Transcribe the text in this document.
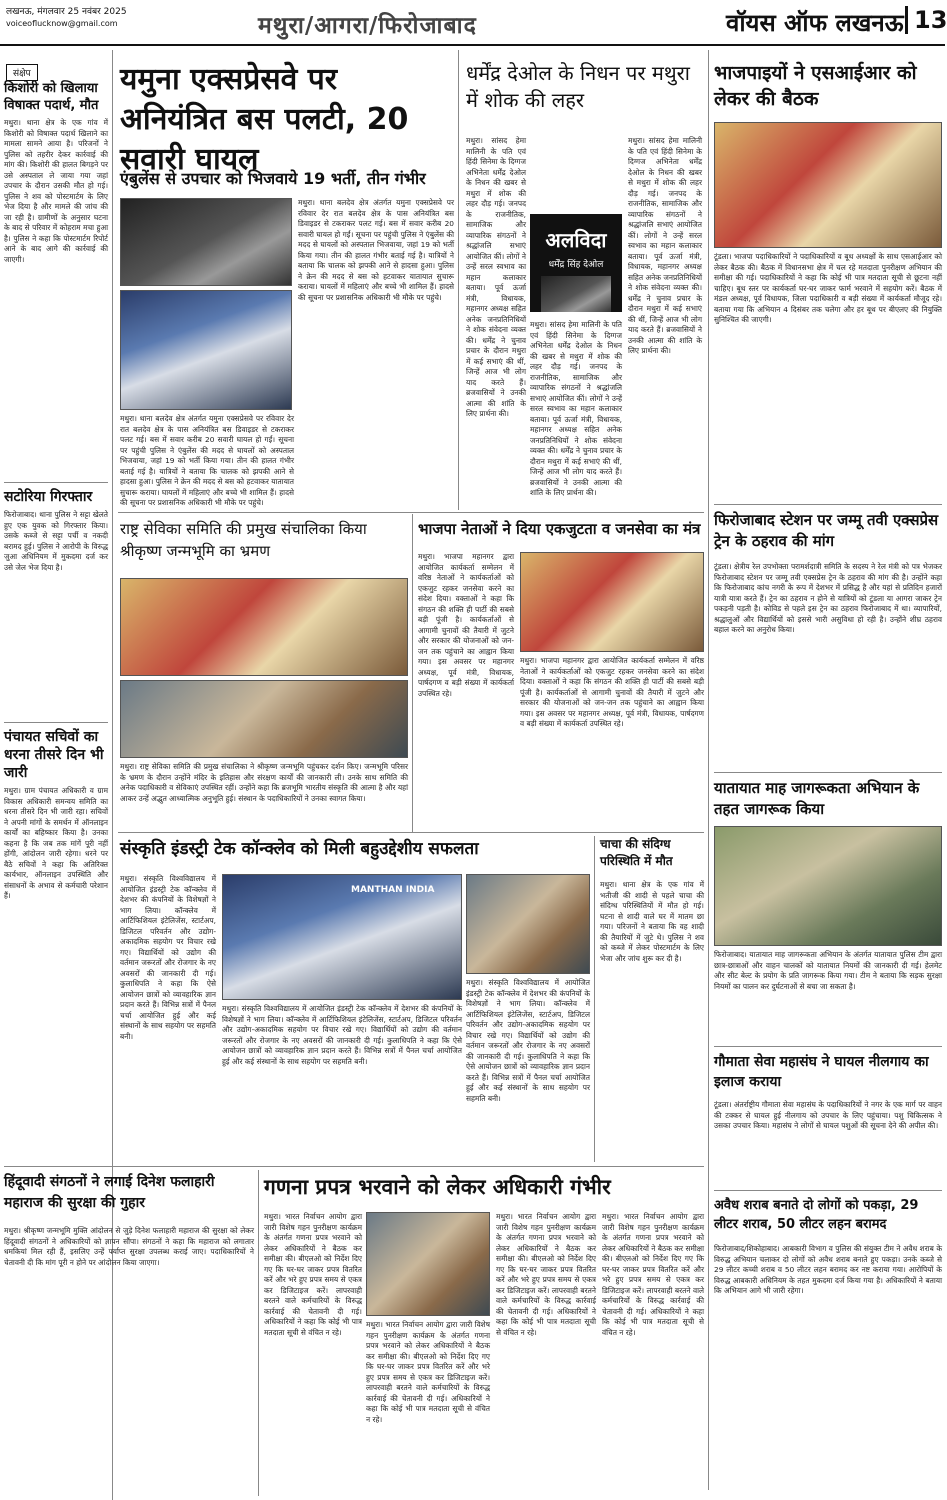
लखनऊ, मंगलवार 25 नवंबर 2025
voiceoflucknow@gmail.com	मथुरा/आगरा/फिरोजाबाद	वॉयस ऑफ लखनऊ 13
संक्षेप
किशोरी को खिलाया विषाक्त पदार्थ, मौत
मथुरा। थाना क्षेत्र के एक गांव में किशोरी को विषाक्त पदार्थ खिलाने का मामला सामने आया है। परिजनों ने पुलिस को तहरीर देकर कार्रवाई की मांग की। किशोरी की हालत बिगड़ने पर उसे अस्पताल ले जाया गया जहां उपचार के दौरान उसकी मौत हो गई। पुलिस ने शव को पोस्टमार्टम के लिए भेज दिया है और मामले की जांच की जा रही है। ग्रामीणों के अनुसार घटना के बाद से परिवार में कोहराम मचा हुआ है। पुलिस ने कहा कि पोस्टमार्टम रिपोर्ट आने के बाद आगे की कार्रवाई की जाएगी।
सटोरिया गिरफ्तार
फिरोजाबाद। थाना पुलिस ने सट्टा खेलते हुए एक युवक को गिरफ्तार किया। उसके कब्जे से सट्टा पर्ची व नकदी बरामद हुई। पुलिस ने आरोपी के विरुद्ध जुआ अधिनियम में मुकदमा दर्ज कर उसे जेल भेज दिया है।
पंचायत सचिवों का धरना तीसरे दिन भी जारी
मथुरा। ग्राम पंचायत अधिकारी व ग्राम विकास अधिकारी समन्वय समिति का धरना तीसरे दिन भी जारी रहा। सचिवों ने अपनी मांगों के समर्थन में ऑनलाइन कार्यों का बहिष्कार किया है। उनका कहना है कि जब तक मांगें पूरी नहीं होंगी, आंदोलन जारी रहेगा। धरने पर बैठे सचिवों ने कहा कि अतिरिक्त कार्यभार, ऑनलाइन उपस्थिति और संसाधनों के अभाव से कर्मचारी परेशान हैं।
यमुना एक्सप्रेसवे पर अनियंत्रित बस पलटी, 20 सवारी घायल
एंबुलेंस से उपचार को भिजवाये 19 भर्ती, तीन गंभीर
मथुरा। थाना बलदेव क्षेत्र अंतर्गत यमुना एक्सप्रेसवे पर रविवार देर रात बलदेव क्षेत्र के पास अनियंत्रित बस डिवाइडर से टकराकर पलट गई। बस में सवार करीब 20 सवारी घायल हो गईं। सूचना पर पहुंची पुलिस ने एंबुलेंस की मदद से घायलों को अस्पताल भिजवाया, जहां 19 को भर्ती किया गया। तीन की हालत गंभीर बताई गई है। यात्रियों ने बताया कि चालक को झपकी आने से हादसा हुआ। पुलिस ने क्रेन की मदद से बस को हटवाकर यातायात सुचारू कराया। घायलों में महिलाएं और बच्चे भी शामिल हैं। हादसे की सूचना पर प्रशासनिक अधिकारी भी मौके पर पहुंचे।
मथुरा। थाना बलदेव क्षेत्र अंतर्गत यमुना एक्सप्रेसवे पर रविवार देर रात बलदेव क्षेत्र के पास अनियंत्रित बस डिवाइडर से टकराकर पलट गई। बस में सवार करीब 20 सवारी घायल हो गईं। सूचना पर पहुंची पुलिस ने एंबुलेंस की मदद से घायलों को अस्पताल भिजवाया, जहां 19 को भर्ती किया गया। तीन की हालत गंभीर बताई गई है। यात्रियों ने बताया कि चालक को झपकी आने से हादसा हुआ। पुलिस ने क्रेन की मदद से बस को हटवाकर यातायात सुचारू कराया। घायलों में महिलाएं और बच्चे भी शामिल हैं। हादसे की सूचना पर प्रशासनिक अधिकारी भी मौके पर पहुंचे।
धर्मेंद्र देओल के निधन पर मथुरा में शोक की लहर
अलविदा
धर्मेंद्र सिंह देओल
मथुरा। सांसद हेमा मालिनी के पति एवं हिंदी सिनेमा के दिग्गज अभिनेता धर्मेंद्र देओल के निधन की खबर से मथुरा में शोक की लहर दौड़ गई। जनपद के राजनीतिक, सामाजिक और व्यापारिक संगठनों ने श्रद्धांजलि सभाएं आयोजित कीं। लोगों ने उन्हें सरल स्वभाव का महान कलाकार बताया। पूर्व ऊर्जा मंत्री, विधायक, महानगर अध्यक्ष सहित अनेक जनप्रतिनिधियों ने शोक संवेदना व्यक्त की। धर्मेंद्र ने चुनाव प्रचार के दौरान मथुरा में कई सभाएं की थीं, जिन्हें आज भी लोग याद करते हैं। ब्रजवासियों ने उनकी आत्मा की शांति के लिए प्रार्थना की।
मथुरा। सांसद हेमा मालिनी के पति एवं हिंदी सिनेमा के दिग्गज अभिनेता धर्मेंद्र देओल के निधन की खबर से मथुरा में शोक की लहर दौड़ गई। जनपद के राजनीतिक, सामाजिक और व्यापारिक संगठनों ने श्रद्धांजलि सभाएं आयोजित कीं। लोगों ने उन्हें सरल स्वभाव का महान कलाकार बताया। पूर्व ऊर्जा मंत्री, विधायक, महानगर अध्यक्ष सहित अनेक जनप्रतिनिधियों ने शोक संवेदना व्यक्त की। धर्मेंद्र ने चुनाव प्रचार के दौरान मथुरा में कई सभाएं की थीं, जिन्हें आज भी लोग याद करते हैं। ब्रजवासियों ने उनकी आत्मा की शांति के लिए प्रार्थना की।
मथुरा। सांसद हेमा मालिनी के पति एवं हिंदी सिनेमा के दिग्गज अभिनेता धर्मेंद्र देओल के निधन की खबर से मथुरा में शोक की लहर दौड़ गई। जनपद के राजनीतिक, सामाजिक और व्यापारिक संगठनों ने श्रद्धांजलि सभाएं आयोजित कीं। लोगों ने उन्हें सरल स्वभाव का महान कलाकार बताया। पूर्व ऊर्जा मंत्री, विधायक, महानगर अध्यक्ष सहित अनेक जनप्रतिनिधियों ने शोक संवेदना व्यक्त की। धर्मेंद्र ने चुनाव प्रचार के दौरान मथुरा में कई सभाएं की थीं, जिन्हें आज भी लोग याद करते हैं। ब्रजवासियों ने उनकी आत्मा की शांति के लिए प्रार्थना की।
भाजपाइयों ने एसआईआर को लेकर की बैठक
टूंडला। भाजपा पदाधिकारियों ने पदाधिकारियों व बूथ अध्यक्षों के साथ एसआईआर को लेकर बैठक की। बैठक में विधानसभा क्षेत्र में चल रहे मतदाता पुनरीक्षण अभियान की समीक्षा की गई। पदाधिकारियों ने कहा कि कोई भी पात्र मतदाता सूची से छूटना नहीं चाहिए। बूथ स्तर पर कार्यकर्ता घर-घर जाकर फार्म भरवाने में सहयोग करें। बैठक में मंडल अध्यक्ष, पूर्व विधायक, जिला पदाधिकारी व बड़ी संख्या में कार्यकर्ता मौजूद रहे। बताया गया कि अभियान 4 दिसंबर तक चलेगा और हर बूथ पर बीएलए की नियुक्ति सुनिश्चित की जाएगी।
फिरोजाबाद स्टेशन पर जम्मू तवी एक्सप्रेस ट्रेन के ठहराव की मांग
टूंडला। क्षेत्रीय रेल उपभोक्ता परामर्शदात्री समिति के सदस्य ने रेल मंत्री को पत्र भेजकर फिरोजाबाद स्टेशन पर जम्मू तवी एक्सप्रेस ट्रेन के ठहराव की मांग की है। उन्होंने कहा कि फिरोजाबाद कांच नगरी के रूप में देशभर में प्रसिद्ध है और यहां से प्रतिदिन हजारों यात्री यात्रा करते हैं। ट्रेन का ठहराव न होने से यात्रियों को टूंडला या आगरा जाकर ट्रेन पकड़नी पड़ती है। कोविड से पहले इस ट्रेन का ठहराव फिरोजाबाद में था। व्यापारियों, श्रद्धालुओं और विद्यार्थियों को इससे भारी असुविधा हो रही है। उन्होंने शीघ्र ठहराव बहाल करने का अनुरोध किया।
यातायात माह जागरूकता अभियान के तहत जागरूक किया
फिरोजाबाद। यातायात माह जागरूकता अभियान के अंतर्गत यातायात पुलिस टीम द्वारा छात्र-छात्राओं और वाहन चालकों को यातायात नियमों की जानकारी दी गई। हेलमेट और सीट बेल्ट के प्रयोग के प्रति जागरूक किया गया। टीम ने बताया कि सड़क सुरक्षा नियमों का पालन कर दुर्घटनाओं से बचा जा सकता है।
गौमाता सेवा महासंघ ने घायल नीलगाय का इलाज कराया
टूंडला। अंतर्राष्ट्रीय गौमाता सेवा महासंघ के पदाधिकारियों ने नगर के एक मार्ग पर वाहन की टक्कर से घायल हुई नीलगाय को उपचार के लिए पहुंचाया। पशु चिकित्सक ने उसका उपचार किया। महासंघ ने लोगों से घायल पशुओं की सूचना देने की अपील की।
अवैध शराब बनाते दो लोगों को पकड़ा, 29 लीटर शराब, 50 लीटर लहन बरामद
फिरोजाबाद/शिकोहाबाद। आबकारी विभाग व पुलिस की संयुक्त टीम ने अवैध शराब के विरुद्ध अभियान चलाकर दो लोगों को अवैध शराब बनाते हुए पकड़ा। उनके कब्जे से 29 लीटर कच्ची शराब व 50 लीटर लहन बरामद कर नष्ट कराया गया। आरोपियों के विरुद्ध आबकारी अधिनियम के तहत मुकदमा दर्ज किया गया है। अधिकारियों ने बताया कि अभियान आगे भी जारी रहेगा।
राष्ट्र सेविका समिति की प्रमुख संचालिका किया श्रीकृष्ण जन्मभूमि का भ्रमण
मथुरा। राष्ट्र सेविका समिति की प्रमुख संचालिका ने श्रीकृष्ण जन्मभूमि पहुंचकर दर्शन किए। जन्मभूमि परिसर के भ्रमण के दौरान उन्होंने मंदिर के इतिहास और संरक्षण कार्यों की जानकारी ली। उनके साथ समिति की अनेक पदाधिकारी व सेविकाएं उपस्थित रहीं। उन्होंने कहा कि ब्रजभूमि भारतीय संस्कृति की आत्मा है और यहां आकर उन्हें अद्भुत आध्यात्मिक अनुभूति हुई। संस्थान के पदाधिकारियों ने उनका स्वागत किया।
भाजपा नेताओं ने दिया एकजुटता व जनसेवा का मंत्र
मथुरा। भाजपा महानगर द्वारा आयोजित कार्यकर्ता सम्मेलन में वरिष्ठ नेताओं ने कार्यकर्ताओं को एकजुट रहकर जनसेवा करने का संदेश दिया। वक्ताओं ने कहा कि संगठन की शक्ति ही पार्टी की सबसे बड़ी पूंजी है। कार्यकर्ताओं से आगामी चुनावों की तैयारी में जुटने और सरकार की योजनाओं को जन-जन तक पहुंचाने का आह्वान किया गया। इस अवसर पर महानगर अध्यक्ष, पूर्व मंत्री, विधायक, पार्षदगण व बड़ी संख्या में कार्यकर्ता उपस्थित रहे।
मथुरा। भाजपा महानगर द्वारा आयोजित कार्यकर्ता सम्मेलन में वरिष्ठ नेताओं ने कार्यकर्ताओं को एकजुट रहकर जनसेवा करने का संदेश दिया। वक्ताओं ने कहा कि संगठन की शक्ति ही पार्टी की सबसे बड़ी पूंजी है। कार्यकर्ताओं से आगामी चुनावों की तैयारी में जुटने और सरकार की योजनाओं को जन-जन तक पहुंचाने का आह्वान किया गया। इस अवसर पर महानगर अध्यक्ष, पूर्व मंत्री, विधायक, पार्षदगण व बड़ी संख्या में कार्यकर्ता उपस्थित रहे।
संस्कृति इंडस्ट्री टेक कॉन्क्लेव को मिली बहुउद्देशीय सफलता
मथुरा। संस्कृति विश्वविद्यालय में आयोजित इंडस्ट्री टेक कॉन्क्लेव में देशभर की कंपनियों के विशेषज्ञों ने भाग लिया। कॉन्क्लेव में आर्टिफिशियल इंटेलिजेंस, स्टार्टअप, डिजिटल परिवर्तन और उद्योग-अकादमिक सहयोग पर विचार रखे गए। विद्यार्थियों को उद्योग की वर्तमान जरूरतों और रोजगार के नए अवसरों की जानकारी दी गई। कुलाधिपति ने कहा कि ऐसे आयोजन छात्रों को व्यावहारिक ज्ञान प्रदान करते हैं। विभिन्न सत्रों में पैनल चर्चा आयोजित हुई और कई संस्थानों के साथ सहयोग पर सहमति बनी।
MANTHAN INDIA
मथुरा। संस्कृति विश्वविद्यालय में आयोजित इंडस्ट्री टेक कॉन्क्लेव में देशभर की कंपनियों के विशेषज्ञों ने भाग लिया। कॉन्क्लेव में आर्टिफिशियल इंटेलिजेंस, स्टार्टअप, डिजिटल परिवर्तन और उद्योग-अकादमिक सहयोग पर विचार रखे गए। विद्यार्थियों को उद्योग की वर्तमान जरूरतों और रोजगार के नए अवसरों की जानकारी दी गई। कुलाधिपति ने कहा कि ऐसे आयोजन छात्रों को व्यावहारिक ज्ञान प्रदान करते हैं। विभिन्न सत्रों में पैनल चर्चा आयोजित हुई और कई संस्थानों के साथ सहयोग पर सहमति बनी।
मथुरा। संस्कृति विश्वविद्यालय में आयोजित इंडस्ट्री टेक कॉन्क्लेव में देशभर की कंपनियों के विशेषज्ञों ने भाग लिया। कॉन्क्लेव में आर्टिफिशियल इंटेलिजेंस, स्टार्टअप, डिजिटल परिवर्तन और उद्योग-अकादमिक सहयोग पर विचार रखे गए। विद्यार्थियों को उद्योग की वर्तमान जरूरतों और रोजगार के नए अवसरों की जानकारी दी गई। कुलाधिपति ने कहा कि ऐसे आयोजन छात्रों को व्यावहारिक ज्ञान प्रदान करते हैं। विभिन्न सत्रों में पैनल चर्चा आयोजित हुई और कई संस्थानों के साथ सहयोग पर सहमति बनी।
चाचा की संदिग्ध परिस्थिति में मौत
मथुरा। थाना क्षेत्र के एक गांव में भतीजी की शादी से पहले चाचा की संदिग्ध परिस्थितियों में मौत हो गई। घटना से शादी वाले घर में मातम छा गया। परिजनों ने बताया कि वह शादी की तैयारियों में जुटे थे। पुलिस ने शव को कब्जे में लेकर पोस्टमार्टम के लिए भेजा और जांच शुरू कर दी है।
हिंदूवादी संगठनों ने लगाई दिनेश फलाहारी महाराज की सुरक्षा की गुहार
मथुरा। श्रीकृष्ण जन्मभूमि मुक्ति आंदोलन से जुड़े दिनेश फलाहारी महाराज की सुरक्षा को लेकर हिंदूवादी संगठनों ने अधिकारियों को ज्ञापन सौंपा। संगठनों ने कहा कि महाराज को लगातार धमकियां मिल रही हैं, इसलिए उन्हें पर्याप्त सुरक्षा उपलब्ध कराई जाए। पदाधिकारियों ने चेतावनी दी कि मांग पूरी न होने पर आंदोलन किया जाएगा।
गणना प्रपत्र भरवाने को लेकर अधिकारी गंभीर
मथुरा। भारत निर्वाचन आयोग द्वारा जारी विशेष गहन पुनरीक्षण कार्यक्रम के अंतर्गत गणना प्रपत्र भरवाने को लेकर अधिकारियों ने बैठक कर समीक्षा की। बीएलओ को निर्देश दिए गए कि घर-घर जाकर प्रपत्र वितरित करें और भरे हुए प्रपत्र समय से एकत्र कर डिजिटाइज करें। लापरवाही बरतने वाले कर्मचारियों के विरुद्ध कार्रवाई की चेतावनी दी गई। अधिकारियों ने कहा कि कोई भी पात्र मतदाता सूची से वंचित न रहे।
मथुरा। भारत निर्वाचन आयोग द्वारा जारी विशेष गहन पुनरीक्षण कार्यक्रम के अंतर्गत गणना प्रपत्र भरवाने को लेकर अधिकारियों ने बैठक कर समीक्षा की। बीएलओ को निर्देश दिए गए कि घर-घर जाकर प्रपत्र वितरित करें और भरे हुए प्रपत्र समय से एकत्र कर डिजिटाइज करें। लापरवाही बरतने वाले कर्मचारियों के विरुद्ध कार्रवाई की चेतावनी दी गई। अधिकारियों ने कहा कि कोई भी पात्र मतदाता सूची से वंचित न रहे।
मथुरा। भारत निर्वाचन आयोग द्वारा जारी विशेष गहन पुनरीक्षण कार्यक्रम के अंतर्गत गणना प्रपत्र भरवाने को लेकर अधिकारियों ने बैठक कर समीक्षा की। बीएलओ को निर्देश दिए गए कि घर-घर जाकर प्रपत्र वितरित करें और भरे हुए प्रपत्र समय से एकत्र कर डिजिटाइज करें। लापरवाही बरतने वाले कर्मचारियों के विरुद्ध कार्रवाई की चेतावनी दी गई। अधिकारियों ने कहा कि कोई भी पात्र मतदाता सूची से वंचित न रहे।
मथुरा। भारत निर्वाचन आयोग द्वारा जारी विशेष गहन पुनरीक्षण कार्यक्रम के अंतर्गत गणना प्रपत्र भरवाने को लेकर अधिकारियों ने बैठक कर समीक्षा की। बीएलओ को निर्देश दिए गए कि घर-घर जाकर प्रपत्र वितरित करें और भरे हुए प्रपत्र समय से एकत्र कर डिजिटाइज करें। लापरवाही बरतने वाले कर्मचारियों के विरुद्ध कार्रवाई की चेतावनी दी गई। अधिकारियों ने कहा कि कोई भी पात्र मतदाता सूची से वंचित न रहे।
